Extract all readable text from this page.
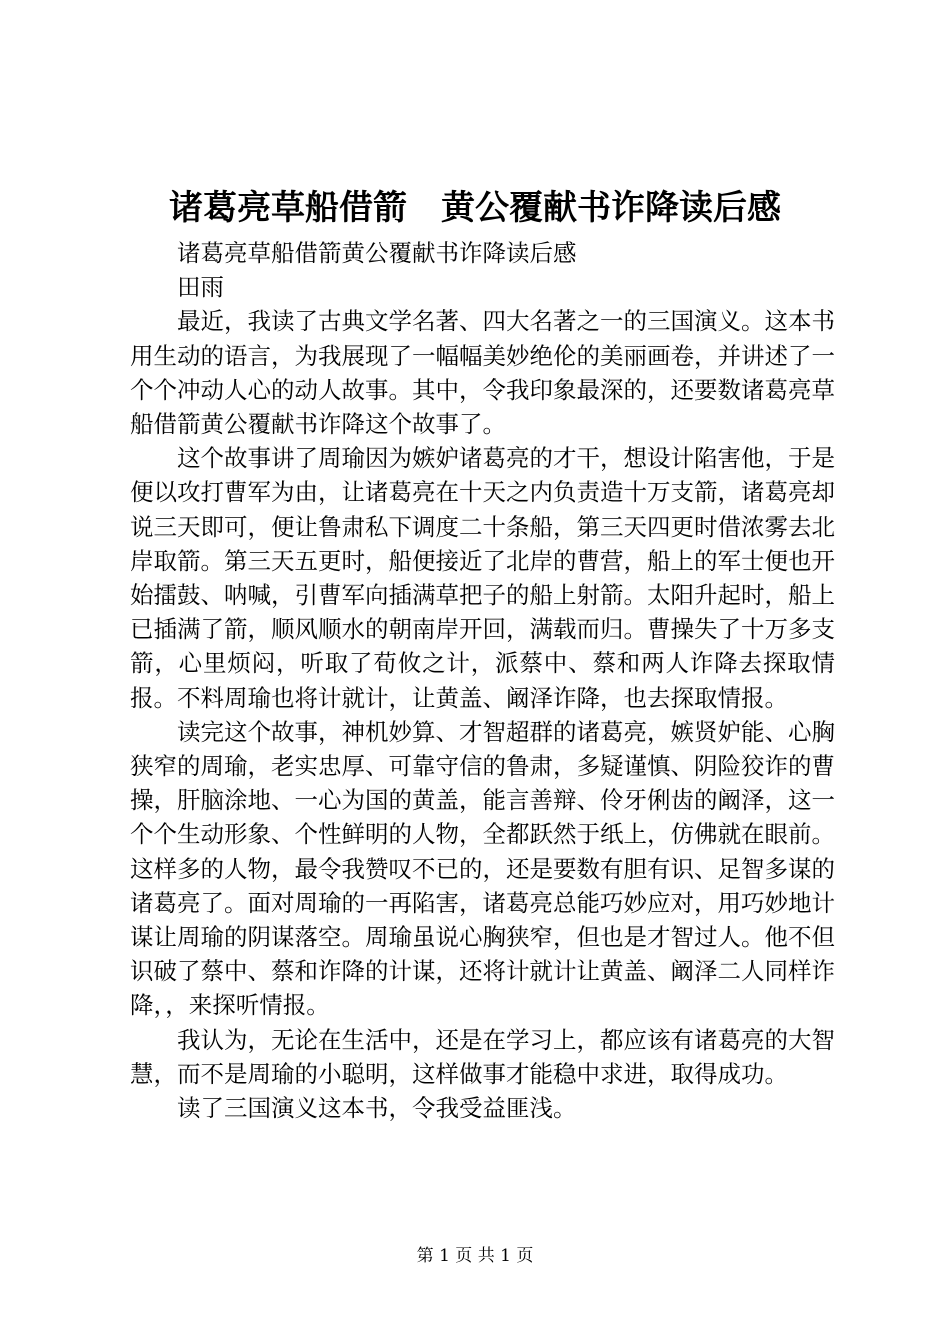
诸葛亮草船借箭　黄公覆献书诈降读后感

诸葛亮草船借箭黄公覆献书诈降读后感

田雨

最近，我读了古典文学名著、四大名著之一的三国演义。这本书用生动的语言，为我展现了一幅幅美妙绝伦的美丽画卷，并讲述了一个个冲动人心的动人故事。其中，令我印象最深的，还要数诸葛亮草船借箭黄公覆献书诈降这个故事了。

这个故事讲了周瑜因为嫉妒诸葛亮的才干，想设计陷害他，于是便以攻打曹军为由，让诸葛亮在十天之内负责造十万支箭，诸葛亮却说三天即可，便让鲁肃私下调度二十条船，第三天四更时借浓雾去北岸取箭。第三天五更时，船便接近了北岸的曹营，船上的军士便也开始擂鼓、呐喊，引曹军向插满草把子的船上射箭。太阳升起时，船上已插满了箭，顺风顺水的朝南岸开回，满载而归。曹操失了十万多支箭，心里烦闷，听取了荀攸之计，派蔡中、蔡和两人诈降去探取情报。不料周瑜也将计就计，让黄盖、阚泽诈降，也去探取情报。

读完这个故事，神机妙算、才智超群的诸葛亮，嫉贤妒能、心胸狭窄的周瑜，老实忠厚、可靠守信的鲁肃，多疑谨慎、阴险狡诈的曹操，肝脑涂地、一心为国的黄盖，能言善辩、伶牙俐齿的阚泽，这一个个生动形象、个性鲜明的人物，全都跃然于纸上，仿佛就在眼前。这样多的人物，最令我赞叹不已的，还是要数有胆有识、足智多谋的诸葛亮了。面对周瑜的一再陷害，诸葛亮总能巧妙应对，用巧妙地计谋让周瑜的阴谋落空。周瑜虽说心胸狭窄，但也是才智过人。他不但识破了蔡中、蔡和诈降的计谋，还将计就计让黄盖、阚泽二人同样诈降，，来探听情报。

我认为，无论在生活中，还是在学习上，都应该有诸葛亮的大智慧，而不是周瑜的小聪明，这样做事才能稳中求进，取得成功。

读了三国演义这本书，令我受益匪浅。

第 1 页 共 1 页
